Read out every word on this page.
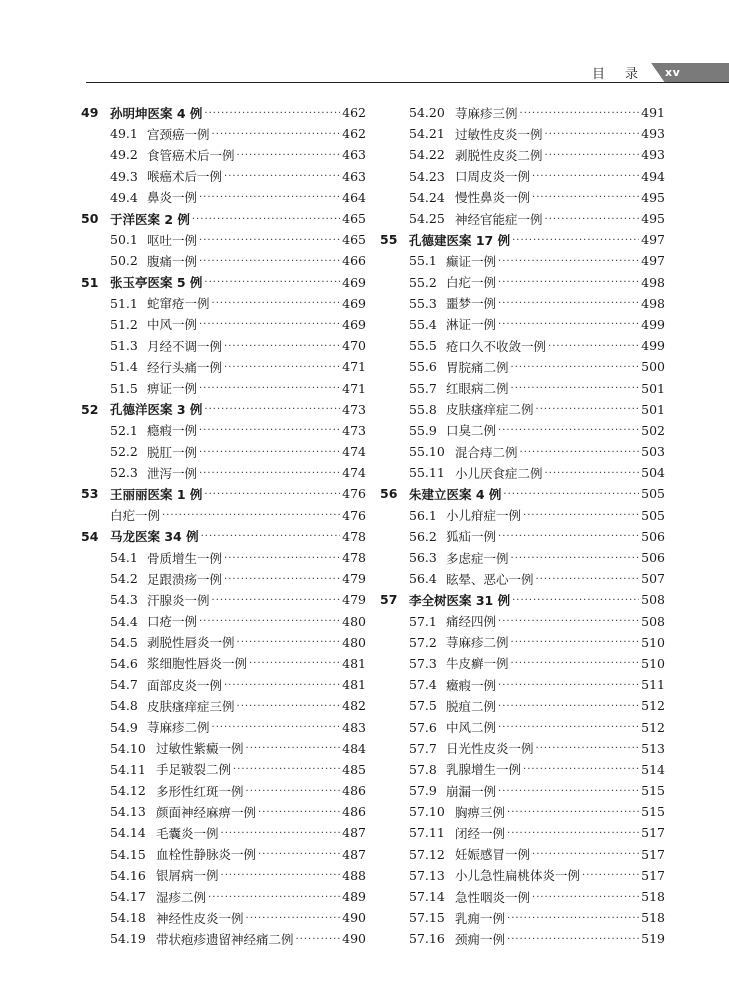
目 录 xv
49 孙明坤医案 4 例 ·····	462
49.1 宫颈癌一例 ·····	462
49.2 食管癌术后一例 ·····	463
49.3 喉癌术后一例 ·····	463
49.4 鼻炎一例 ·····	464
50 于洋医案 2 例 ·····	465
50.1 呕吐一例 ·····	465
50.2 腹痛一例 ·····	466
51 张玉亭医案 5 例 ·····	469
51.1 蛇窜疮一例 ·····	469
51.2 中风一例 ·····	469
51.3 月经不调一例 ·····	470
51.4 经行头痛一例 ·····	471
51.5 痹证一例 ·····	471
52 孔德洋医案 3 例 ·····	473
52.1 瘾瘕一例 ·····	473
52.2 脱肛一例 ·····	474
52.3 泄泻一例 ·····	474
53 王丽丽医案 1 例 ·····	476
白疕一例 ·····	476
54 马龙医案 34 例 ·····	478
54.1 骨质增生一例 ·····	478
54.2 足跟溃疡一例 ·····	479
54.3 汗腺炎一例 ·····	479
54.4 口疮一例 ·····	480
54.5 剥脱性唇炎一例 ·····	480
54.6 浆细胞性唇炎一例 ·····	481
54.7 面部皮炎一例 ·····	481
54.8 皮肤瘙痒症三例 ·····	482
54.9 荨麻疹二例 ·····	483
54.10 过敏性紫癜一例 ·····	484
54.11 手足皲裂二例 ·····	485
54.12 多形性红斑一例 ·····	486
54.13 颜面神经麻痹一例 ·····	486
54.14 毛囊炎一例 ·····	487
54.15 血栓性静脉炎一例 ·····	487
54.16 银屑病一例 ·····	488
54.17 湿疹二例 ·····	489
54.18 神经性皮炎一例 ·····	490
54.19 带状疱疹遗留神经痛二例 ·····	490
54.20 荨麻疹三例 ·····	491
54.21 过敏性皮炎一例 ·····	493
54.22 剥脱性皮炎二例 ·····	493
54.23 口周皮炎一例 ·····	494
54.24 慢性鼻炎一例 ·····	495
54.25 神经官能症一例 ·····	495
55 孔德建医案 17 例 ·····	497
55.1 癫证一例 ·····	497
55.2 白疕一例 ·····	498
55.3 噩梦一例 ·····	498
55.4 淋证一例 ·····	499
55.5 疮口久不收敛一例 ·····	499
55.6 胃脘痛二例 ·····	500
55.7 红眼病二例 ·····	501
55.8 皮肤瘙痒症二例 ·····	501
55.9 口臭二例 ·····	502
55.10 混合痔二例 ·····	503
55.11 小儿厌食症二例 ·····	504
56 朱建立医案 4 例 ·····	505
56.1 小儿疳症一例 ·····	505
56.2 狐疝一例 ·····	506
56.3 多虑症一例 ·····	506
56.4 眩晕、恶心一例 ·····	507
57 李全树医案 31 例 ·····	508
57.1 痛经四例 ·····	508
57.2 荨麻疹二例 ·····	510
57.3 牛皮癣一例 ·····	510
57.4 癥瘕一例 ·····	511
57.5 脱疽二例 ·····	512
57.6 中风二例 ·····	512
57.7 日光性皮炎一例 ·····	513
57.8 乳腺增生一例 ·····	514
57.9 崩漏一例 ·····	515
57.10 胸痹三例 ·····	515
57.11 闭经一例 ·····	517
57.12 妊娠感冒一例 ·····	517
57.13 小儿急性扁桃体炎一例 ·····	517
57.14 急性咽炎一例 ·····	518
57.15 乳痈一例 ·····	518
57.16 颈痈一例 ·····	519
